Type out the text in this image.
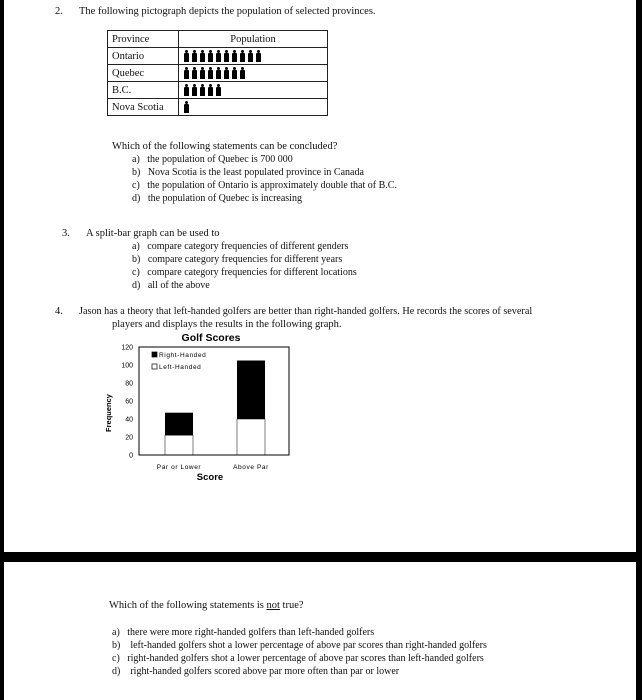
2. The following pictograph depicts the population of selected provinces.
Province	Population
Ontario	

Quebec	

B.C.	

Nova Scotia	
Which of the following statements can be concluded?
a)   the population of Quebec is 700 000
b)   Nova Scotia is the least populated province in Canada
c)   the population of Ontario is approximately double that of B.C.
d)   the population of Quebec is increasing
3. A split-bar graph can be used to
a)   compare category frequencies of different genders
b)   compare category frequencies for different years
c)   compare category frequencies for different locations
d)   all of the above
4. Jason has a theory that left-handed golfers are better than right-handed golfers. He records the scores of several
players and displays the results in the following graph.
Golf Scores
Frequency
Score
0
20
40
60
80
100
120
Right-Handed
Left-Handed
Par or Lower	Above Par
Which of the following statements is not true?
a)   there were more right-handed golfers than left-handed golfers
b)    left-handed golfers shot a lower percentage of above par scores than right-handed golfers
c)   right-handed golfers shot a lower percentage of above par scores than left-handed golfers
d)    right-handed golfers scored above par more often than par or lower
